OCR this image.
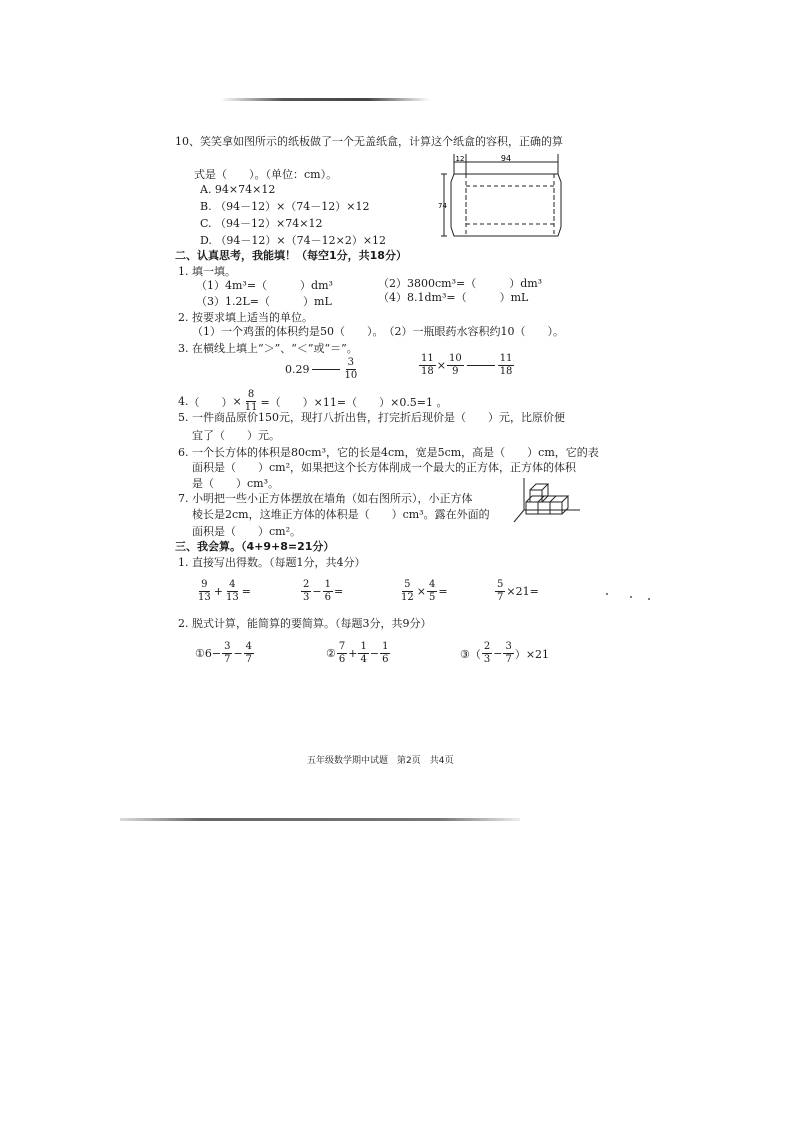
10、笑笑拿如图所示的纸板做了一个无盖纸盒，计算这个纸盒的容积，正确的算
式是（　　）。（单位：cm）。
A. 94×74×12
B. （94－12）×（74－12）×12
C. （94－12）×74×12
D. （94－12）×（74－12×2）×12
94
12
74
二、认真思考，我能填！（每空1分，共18分）
1. 填一填。
（1）4m³=（　　　）dm³	（2）3800cm³=（　　　）dm³
（3）1.2L=（　　　）mL	（4）8.1dm³=（　　　）mL
2. 按要求填上适当的单位。
（1）一个鸡蛋的体积约是50（　　）。　（2）一瓶眼药水容积约10（　　）。
3. 在横线上填上“＞”、“＜”或“＝”。
0.29	$\frac{3}{10}$	$\frac{11}{18} \times \frac{10}{9}$	$\frac{11}{18}$
4. （　　） × $\frac{8}{11}$ =（　　）×11=（　　）×0.5=1 。
5. 一件商品原价150元，现打八折出售，打完折后现价是（　　）元，比原价便
宜了（　　）元。
6. 一个长方体的体积是80cm³，它的长是4cm，宽是5cm，高是（　　）cm，它的表
面积是（　　）cm²，如果把这个长方体削成一个最大的正方体，正方体的体积
是（　　）cm³。
7. 小明把一些小正方体摆放在墙角（如右图所示），小正方体
棱长是2cm，这堆正方体的体积是（　　）cm³。露在外面的
面积是（　　）cm²。
三、我会算。（4+9+8=21分）
1. 直接写出得数。（每题1分，共4分）
$\frac{9}{13} + \frac{4}{13}$ =	$\frac{2}{3} - \frac{1}{6}$ =	$\frac{5}{12} \times \frac{4}{5}$ =	$\frac{5}{7} \times 21=$
2. 脱式计算，能简算的要简算。（每题3分，共9分）
①6− $\frac{3}{7} - \frac{4}{7}$	② $\frac{7}{6} + \frac{1}{4} - \frac{1}{6}$	③（ $\frac{2}{3} - \frac{3}{7} )\times 21$
五年级数学期中试题　第2页　共4页
